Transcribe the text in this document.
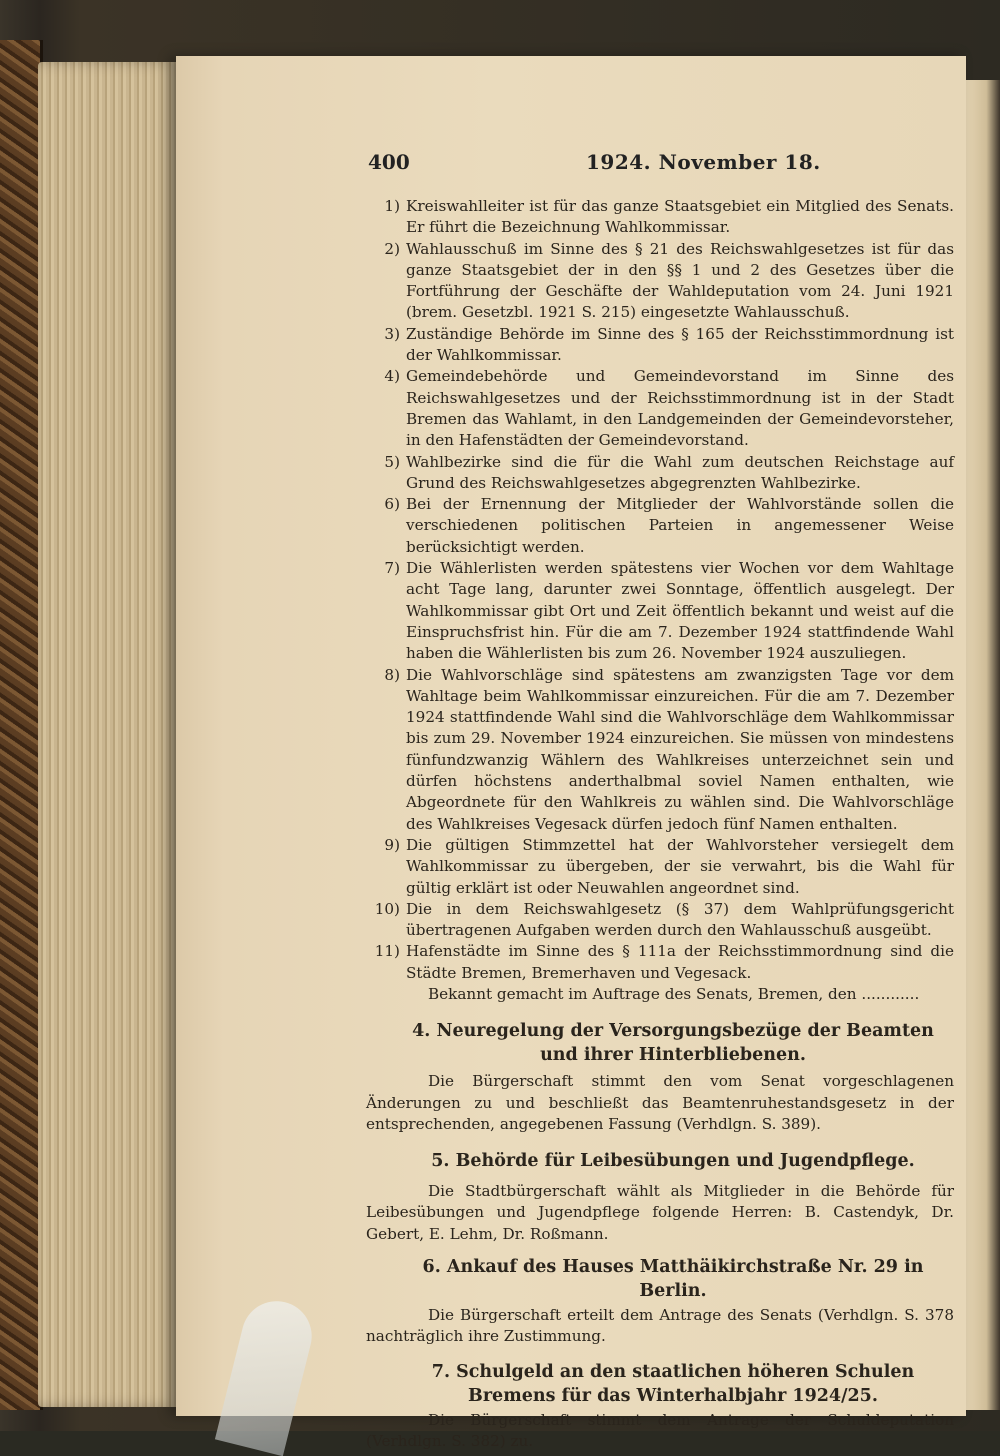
400	1924. November 18.
1) Kreiswahlleiter ist für das ganze Staatsgebiet ein Mitglied des Senats. Er führt die Bezeichnung Wahlkommissar.
2) Wahlausschuß im Sinne des § 21 des Reichswahlgesetzes ist für das ganze Staatsgebiet der in den §§ 1 und 2 des Gesetzes über die Fortführung der Geschäfte der Wahldeputation vom 24. Juni 1921 (brem. Gesetzbl. 1921 S. 215) eingesetzte Wahlausschuß.
3) Zuständige Behörde im Sinne des § 165 der Reichsstimmordnung ist der Wahlkommissar.
4) Gemeindebehörde und Gemeindevorstand im Sinne des Reichswahlgesetzes und der Reichsstimmordnung ist in der Stadt Bremen das Wahlamt, in den Landgemeinden der Gemeindevorsteher, in den Hafenstädten der Gemeindevorstand.
5) Wahlbezirke sind die für die Wahl zum deutschen Reichstage auf Grund des Reichswahlgesetzes abgegrenzten Wahlbezirke.
6) Bei der Ernennung der Mitglieder der Wahlvorstände sollen die verschiedenen politischen Parteien in angemessener Weise berücksichtigt werden.
7) Die Wählerlisten werden spätestens vier Wochen vor dem Wahltage acht Tage lang, darunter zwei Sonntage, öffentlich ausgelegt. Der Wahlkommissar gibt Ort und Zeit öffentlich bekannt und weist auf die Einspruchsfrist hin. Für die am 7. Dezember 1924 stattfindende Wahl haben die Wählerlisten bis zum 26. November 1924 auszuliegen.
8) Die Wahlvorschläge sind spätestens am zwanzigsten Tage vor dem Wahltage beim Wahlkommissar einzureichen. Für die am 7. Dezember 1924 stattfindende Wahl sind die Wahlvorschläge dem Wahlkommissar bis zum 29. November 1924 einzureichen. Sie müssen von mindestens fünfundzwanzig Wählern des Wahlkreises unterzeichnet sein und dürfen höchstens anderthalbmal soviel Namen enthalten, wie Abgeordnete für den Wahlkreis zu wählen sind. Die Wahlvorschläge des Wahlkreises Vegesack dürfen jedoch fünf Namen enthalten.
9) Die gültigen Stimmzettel hat der Wahlvorsteher versiegelt dem Wahlkommissar zu übergeben, der sie verwahrt, bis die Wahl für gültig erklärt ist oder Neuwahlen angeordnet sind.
10) Die in dem Reichswahlgesetz (§ 37) dem Wahlprüfungsgericht übertragenen Aufgaben werden durch den Wahlausschuß ausgeübt.
11) Hafenstädte im Sinne des § 111a der Reichsstimmordnung sind die Städte Bremen, Bremerhaven und Vegesack.
Bekannt gemacht im Auftrage des Senats, Bremen, den ............
4. Neuregelung der Versorgungsbezüge der Beamten und ihrer Hinterbliebenen.
Die Bürgerschaft stimmt den vom Senat vorgeschlagenen Änderungen zu und beschließt das Beamtenruhestandsgesetz in der entsprechenden, angegebenen Fassung (Verhdlgn. S. 389).
5. Behörde für Leibesübungen und Jugendpflege.
Die Stadtbürgerschaft wählt als Mitglieder in die Behörde für Leibesübungen und Jugendpflege folgende Herren: B. Castendyk, Dr. Gebert, E. Lehm, Dr. Roßmann.
6. Ankauf des Hauses Matthäikirchstraße Nr. 29 in Berlin.
Die Bürgerschaft erteilt dem Antrage des Senats (Verhdlgn. S. 378 nachträglich ihre Zustimmung.
7. Schulgeld an den staatlichen höheren Schulen Bremens für das Winterhalbjahr 1924/25.
Die Bürgerschaft stimmt dem Antrage der Schuldeputation (Verhdlgn. S. 382) zu.
